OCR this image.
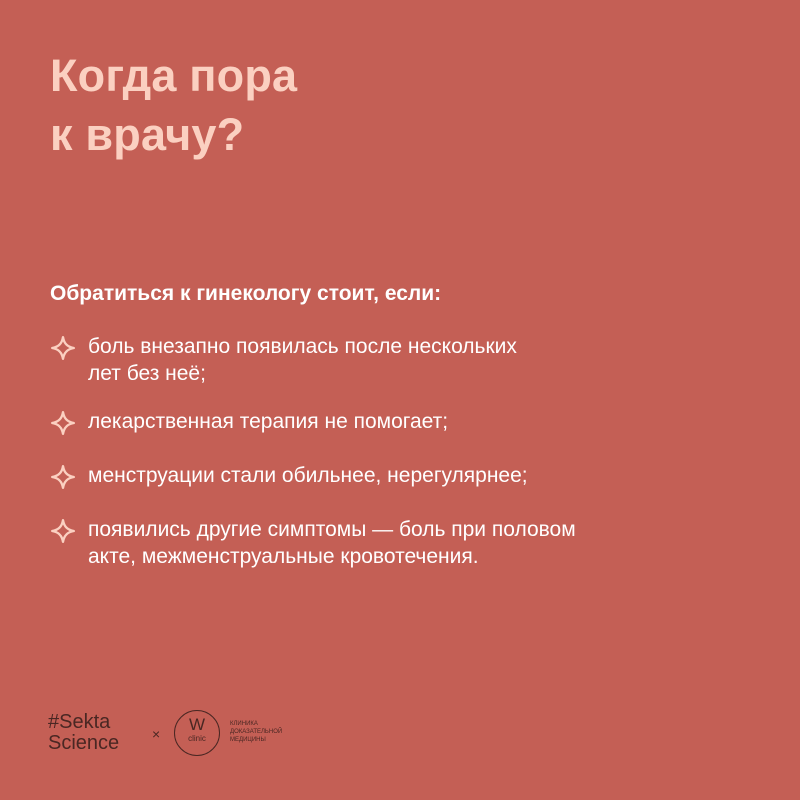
Когда пора
к врачу?

Обратиться к гинекологу стоит, если:

боль внезапно появилась после нескольких
лет без неё;
лекарственная терапия не помогает;
менструации стали обильнее, нерегулярнее;
появились другие симптомы — боль при половом
акте, межменструальные кровотечения.
#Sekta
Science ×	W
clinic
КЛИНИКА
ДОКАЗАТЕЛЬНОЙ
МЕДИЦИНЫ
